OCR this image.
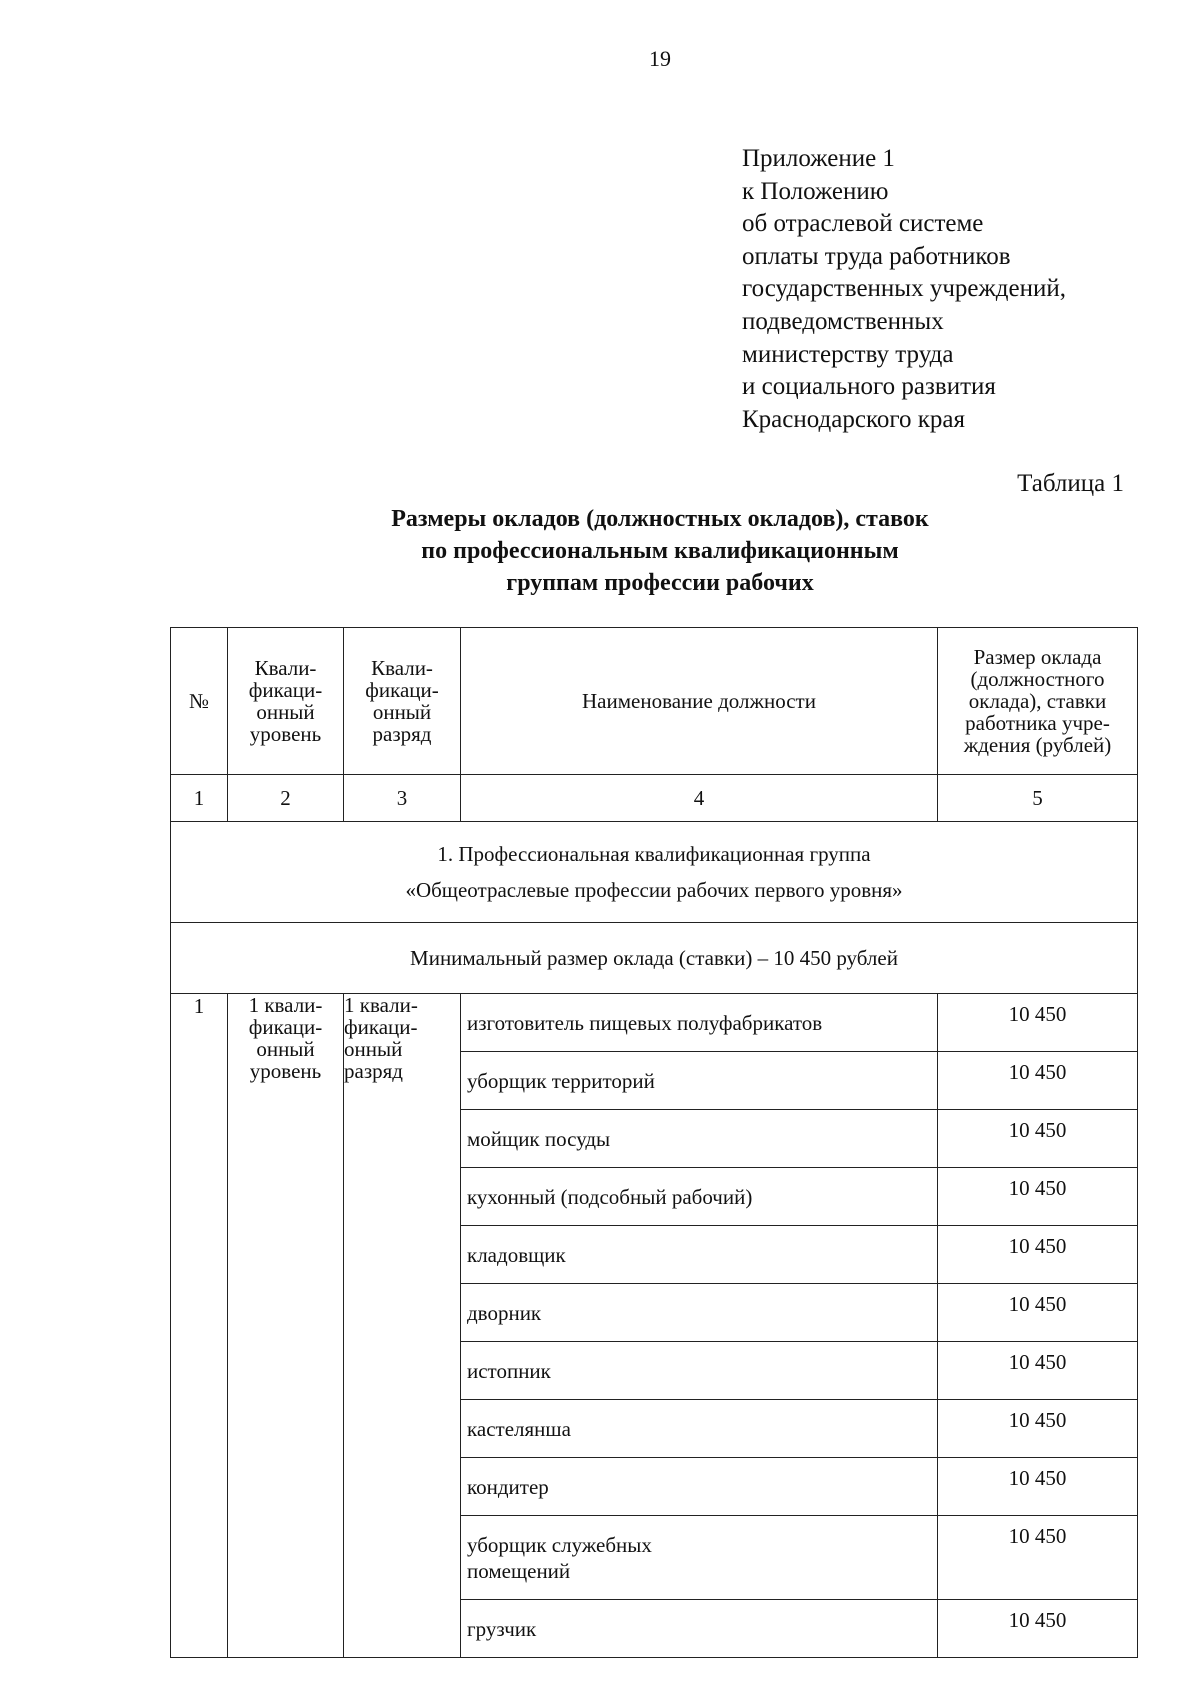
19
Приложение 1
к Положению
об отраслевой системе
оплаты труда работников
государственных учреждений,
подведомственных
министерству труда
и социального развития
Краснодарского края
Таблица 1
Размеры окладов (должностных окладов), ставок
по профессиональным квалификационным
группам профессии рабочих
№	Квали-
фикаци-
онный
уровень	Квали-
фикаци-
онный
разряд	Наименование должности	Размер оклада
(должностного
оклада), ставки
работника учре-
ждения (рублей)
1	2	3	4	5

1. Профессиональная квалификационная группа
«Общеотраслевые профессии рабочих первого уровня»				

Минимальный размер оклада (ставки) – 10 450 рублей				
1	1 квали-
фикаци-
онный
уровень	1 квали-
фикаци-
онный
разряд	изготовитель пищевых полуфабрикатов	10 450
			уборщик территорий	10 450
			мойщик посуды	10 450
			кухонный (подсобный рабочий)	10 450
			кладовщик	10 450
			дворник	10 450
			истопник	10 450
			кастелянша	10 450
			кондитер	10 450
			уборщик служебных
помещений	10 450
			грузчик	10 450
